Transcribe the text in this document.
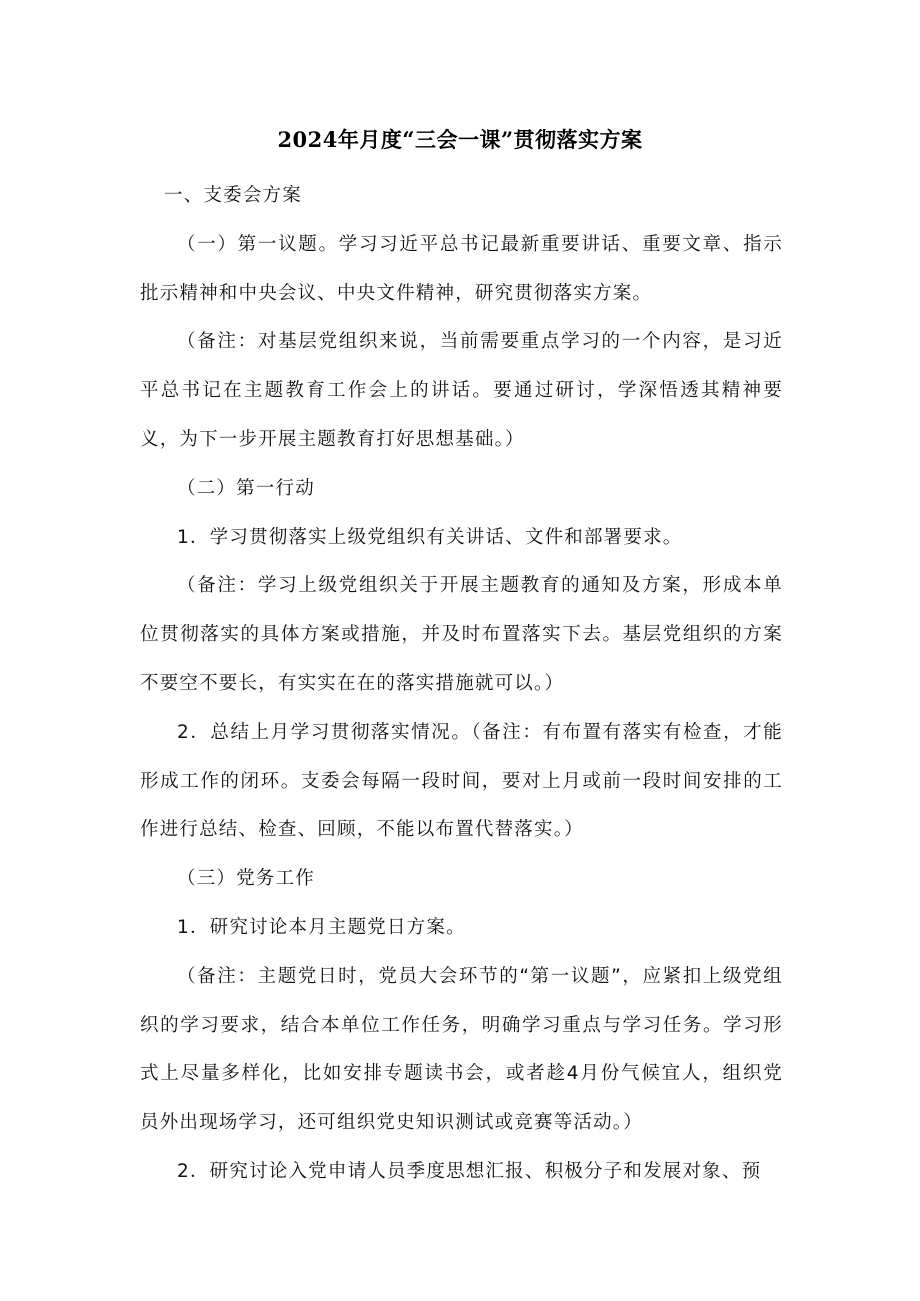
2024年月度“三会一课”贯彻落实方案

一、支委会方案

（一）第一议题。学习习近平总书记最新重要讲话、重要文章、指示批示精神和中央会议、中央文件精神，研究贯彻落实方案。

（备注：对基层党组织来说，当前需要重点学习的一个内容，是习近平总书记在主题教育工作会上的讲话。要通过研讨，学深悟透其精神要义，为下一步开展主题教育打好思想基础。）

（二）第一行动

1．学习贯彻落实上级党组织有关讲话、文件和部署要求。

（备注：学习上级党组织关于开展主题教育的通知及方案，形成本单位贯彻落实的具体方案或措施，并及时布置落实下去。基层党组织的方案不要空不要长，有实实在在的落实措施就可以。）

2．总结上月学习贯彻落实情况。（备注：有布置有落实有检查，才能形成工作的闭环。支委会每隔一段时间，要对上月或前一段时间安排的工作进行总结、检查、回顾，不能以布置代替落实。）

（三）党务工作

1．研究讨论本月主题党日方案。

（备注：主题党日时，党员大会环节的“第一议题”，应紧扣上级党组织的学习要求，结合本单位工作任务，明确学习重点与学习任务。学习形式上尽量多样化，比如安排专题读书会，或者趁4月份气候宜人，组织党员外出现场学习，还可组织党史知识测试或竞赛等活动。）

2．研究讨论入党申请人员季度思想汇报、积极分子和发展对象、预
